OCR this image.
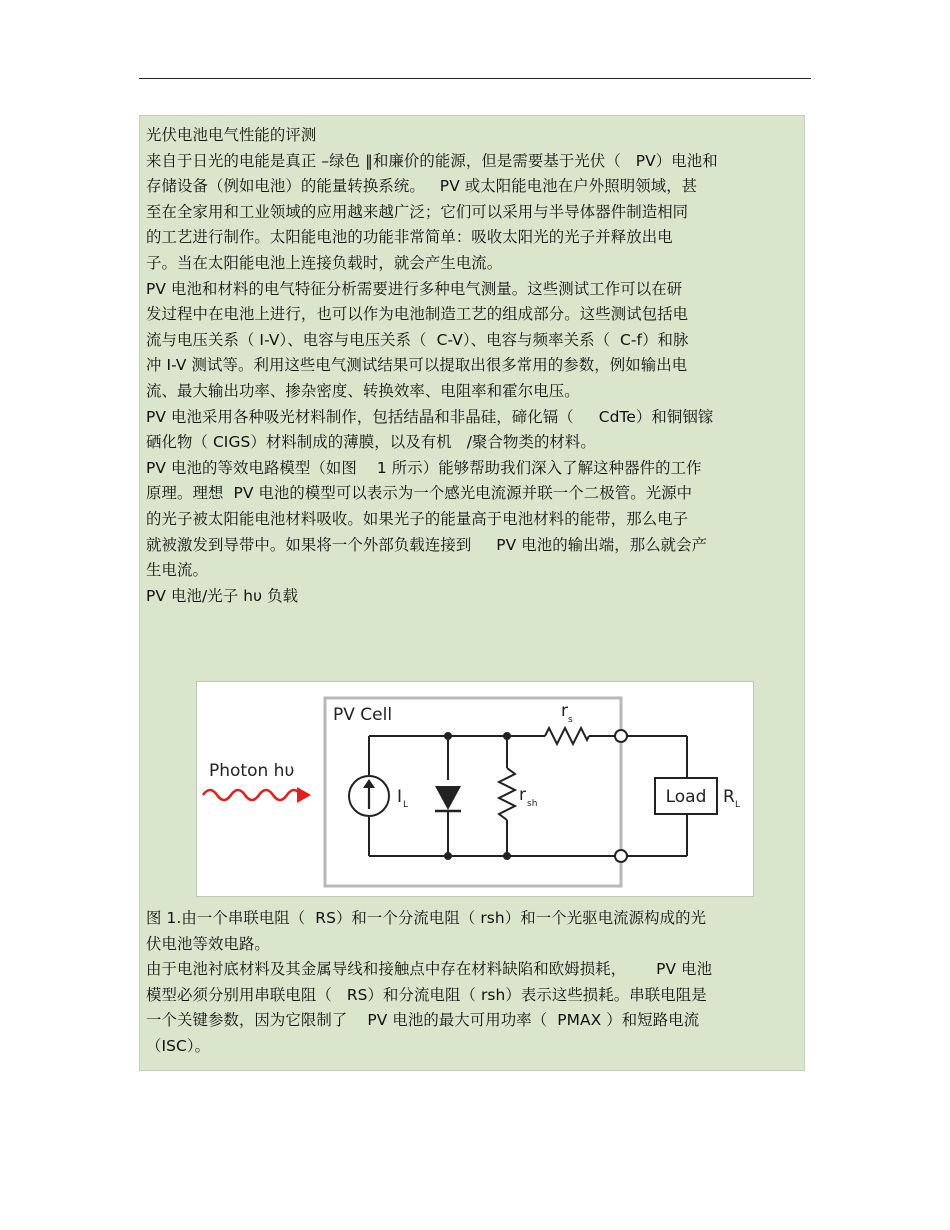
光伏电池电气性能的评测
来自于日光的电能是真正 –绿色 ‖和廉价的能源，但是需要基于光伏（   PV）电池和
存储设备（例如电池）的能量转换系统。   PV 或太阳能电池在户外照明领域，甚
至在全家用和工业领域的应用越来越广泛；它们可以采用与半导体器件制造相同
的工艺进行制作。太阳能电池的功能非常简单：吸收太阳光的光子并释放出电
子。当在太阳能电池上连接负载时，就会产生电流。
PV 电池和材料的电气特征分析需要进行多种电气测量。这些测试工作可以在研
发过程中在电池上进行，也可以作为电池制造工艺的组成部分。这些测试包括电
流与电压关系（ I-V）、电容与电压关系（  C-V）、电容与频率关系（  C-f）和脉
冲 I-V 测试等。利用这些电气测试结果可以提取出很多常用的参数，例如输出电
流、最大输出功率、掺杂密度、转换效率、电阻率和霍尔电压。
PV 电池采用各种吸光材料制作，包括结晶和非晶硅，碲化镉（     CdTe）和铜铟镓
硒化物（ CIGS）材料制成的薄膜，以及有机   /聚合物类的材料。
PV 电池的等效电路模型（如图    1 所示）能够帮助我们深入了解这种器件的工作
原理。理想  PV 电池的模型可以表示为一个感光电流源并联一个二极管。光源中
的光子被太阳能电池材料吸收。如果光子的能量高于电池材料的能带，那么电子
就被激发到导带中。如果将一个外部负载连接到     PV 电池的输出端，那么就会产
生电流。
PV 电池/光子 hυ 负载
PV Cell
Photon hυ
I L	r sh
r s
Load R L
图 1.由一个串联电阻（  RS）和一个分流电阻（ rsh）和一个光驱电流源构成的光
伏电池等效电路。
由于电池衬底材料及其金属导线和接触点中存在材料缺陷和欧姆损耗，      PV 电池
模型必须分别用串联电阻（   RS）和分流电阻（ rsh）表示这些损耗。串联电阻是
一个关键参数，因为它限制了    PV 电池的最大可用功率（  PMAX ）和短路电流
（ISC）。
